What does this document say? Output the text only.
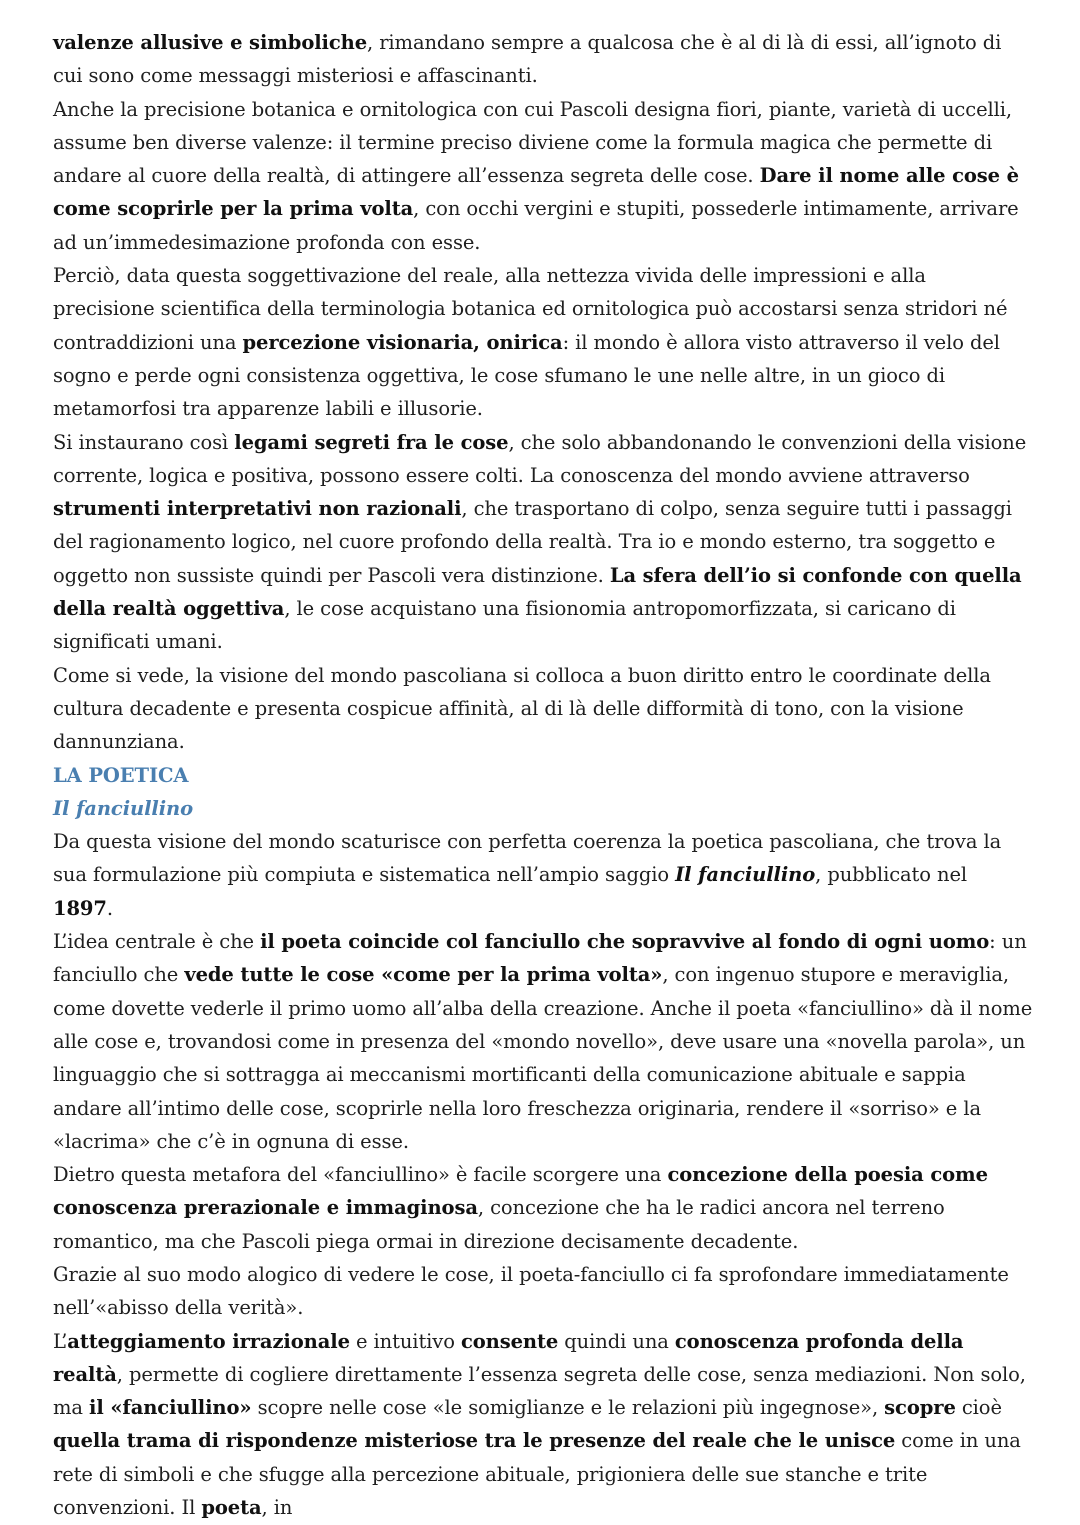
valenze allusive e simboliche, rimandano sempre a qualcosa che è al di là di essi, all’ignoto di cui sono come messaggi misteriosi e affascinanti.

Anche la precisione botanica e ornitologica con cui Pascoli designa fiori, piante, varietà di uccelli, assume ben diverse valenze: il termine preciso diviene come la formula magica che permette di andare al cuore della realtà, di attingere all’essenza segreta delle cose. Dare il nome alle cose è come scoprirle per la prima volta, con occhi vergini e stupiti, possederle intimamente, arrivare ad un’immedesimazione profonda con esse.

Perciò, data questa soggettivazione del reale, alla nettezza vivida delle impressioni e alla precisione scientifica della terminologia botanica ed ornitologica può accostarsi senza stridori né contraddizioni una percezione visionaria, onirica: il mondo è allora visto attraverso il velo del sogno e perde ogni consistenza oggettiva, le cose sfumano le une nelle altre, in un gioco di metamorfosi tra apparenze labili e illusorie.

Si instaurano così legami segreti fra le cose, che solo abbandonando le convenzioni della visione corrente, logica e positiva, possono essere colti. La conoscenza del mondo avviene attraverso strumenti interpretativi non razionali, che trasportano di colpo, senza seguire tutti i passaggi del ragionamento logico, nel cuore profondo della realtà. Tra io e mondo esterno, tra soggetto e oggetto non sussiste quindi per Pascoli vera distinzione. La sfera dell’io si confonde con quella della realtà oggettiva, le cose acquistano una fisionomia antropomorfizzata, si caricano di significati umani.

Come si vede, la visione del mondo pascoliana si colloca a buon diritto entro le coordinate della cultura decadente e presenta cospicue affinità, al di là delle difformità di tono, con la visione dannunziana.

LA POETICA
Il fanciullino

Da questa visione del mondo scaturisce con perfetta coerenza la poetica pascoliana, che trova la sua formulazione più compiuta e sistematica nell’ampio saggio Il fanciullino, pubblicato nel 1897.

L’idea centrale è che il poeta coincide col fanciullo che sopravvive al fondo di ogni uomo: un fanciullo che vede tutte le cose «come per la prima volta», con ingenuo stupore e meraviglia, come dovette vederle il primo uomo all’alba della creazione. Anche il poeta «fanciullino» dà il nome alle cose e, trovandosi come in presenza del «mondo novello», deve usare una «novella parola», un linguaggio che si sottragga ai meccanismi mortificanti della comunicazione abituale e sappia andare all’intimo delle cose, scoprirle nella loro freschezza originaria, rendere il «sorriso» e la «lacrima» che c’è in ognuna di esse.

Dietro questa metafora del «fanciullino» è facile scorgere una concezione della poesia come conoscenza prerazionale e immaginosa, concezione che ha le radici ancora nel terreno romantico, ma che Pascoli piega ormai in direzione decisamente decadente.

Grazie al suo modo alogico di vedere le cose, il poeta-fanciullo ci fa sprofondare immediatamente nell’«abisso della verità».

L’atteggiamento irrazionale e intuitivo consente quindi una conoscenza profonda della realtà, permette di cogliere direttamente l’essenza segreta delle cose, senza mediazioni. Non solo, ma il «fanciullino» scopre nelle cose «le somiglianze e le relazioni più ingegnose», scopre cioè quella trama di rispondenze misteriose tra le presenze del reale che le unisce come in una rete di simboli e che sfugge alla percezione abituale, prigioniera delle sue stanche e trite convenzioni. Il poeta, in
